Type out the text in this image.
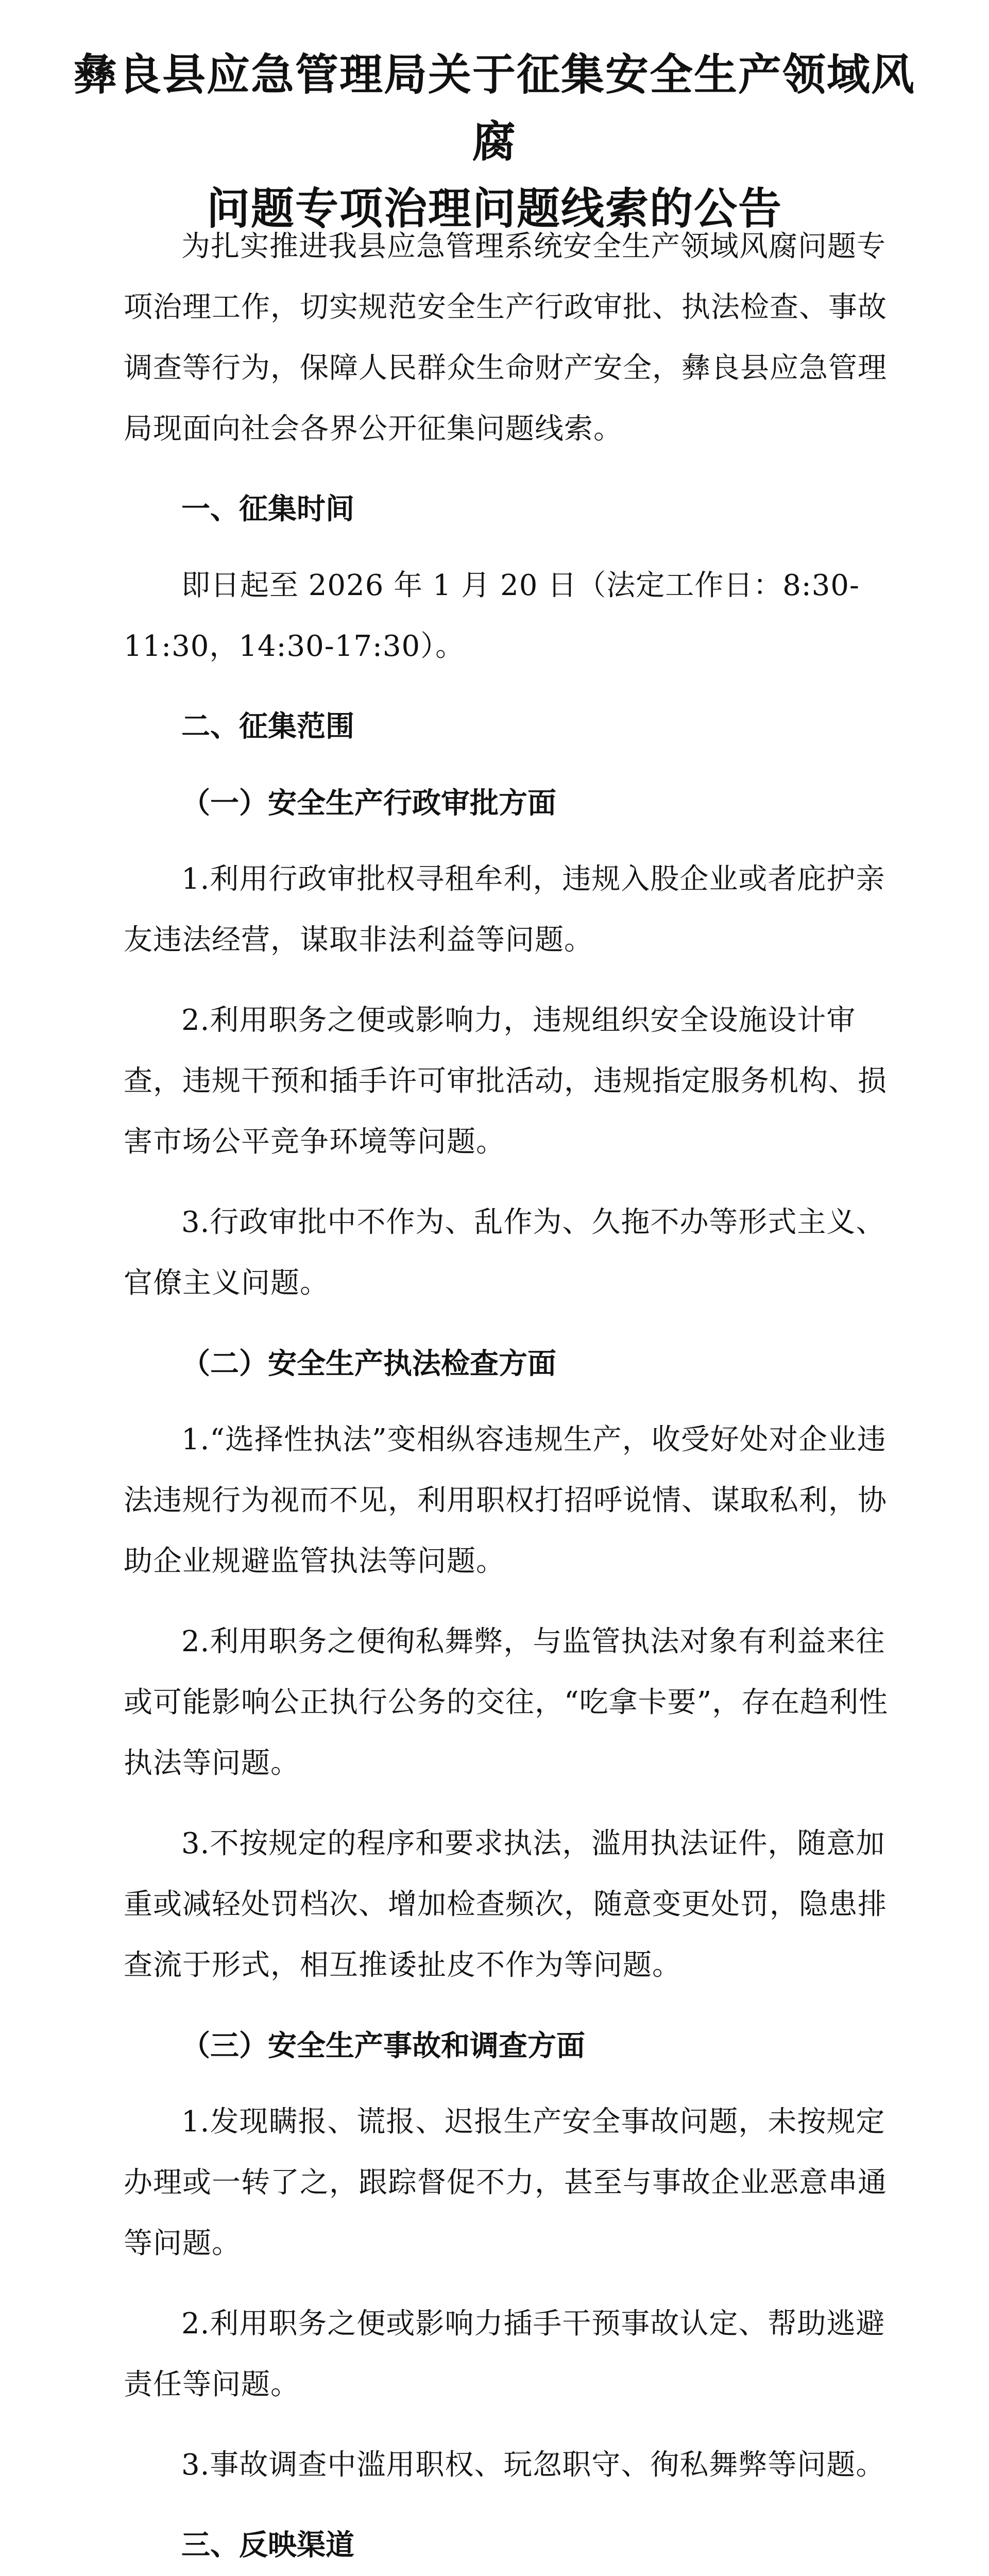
彝良县应急管理局关于征集安全生产领域风腐
问题专项治理问题线索的公告

为扎实推进我县应急管理系统安全生产领域风腐问题专项治理工作，切实规范安全生产行政审批、执法检查、事故调查等行为，保障人民群众生命财产安全，彝良县应急管理局现面向社会各界公开征集问题线索。

一、征集时间

即日起至 2026 年 1 月 20 日（法定工作日：8:30-11:30，14:30-17:30）。

二、征集范围

（一）安全生产行政审批方面

1.利用行政审批权寻租牟利，违规入股企业或者庇护亲友违法经营，谋取非法利益等问题。

2.利用职务之便或影响力，违规组织安全设施设计审查，违规干预和插手许可审批活动，违规指定服务机构、损害市场公平竞争环境等问题。

3.行政审批中不作为、乱作为、久拖不办等形式主义、官僚主义问题。

（二）安全生产执法检查方面

1.“选择性执法”变相纵容违规生产，收受好处对企业违法违规行为视而不见，利用职权打招呼说情、谋取私利，协助企业规避监管执法等问题。

2.利用职务之便徇私舞弊，与监管执法对象有利益来往或可能影响公正执行公务的交往，“吃拿卡要”，存在趋利性执法等问题。

3.不按规定的程序和要求执法，滥用执法证件，随意加重或减轻处罚档次、增加检查频次，随意变更处罚，隐患排查流于形式，相互推诿扯皮不作为等问题。

（三）安全生产事故和调查方面

1.发现瞒报、谎报、迟报生产安全事故问题，未按规定办理或一转了之，跟踪督促不力，甚至与事故企业恶意串通等问题。

2.利用职务之便或影响力插手干预事故认定、帮助逃避责任等问题。

3.事故调查中滥用职权、玩忽职守、徇私舞弊等问题。

三、反映渠道
